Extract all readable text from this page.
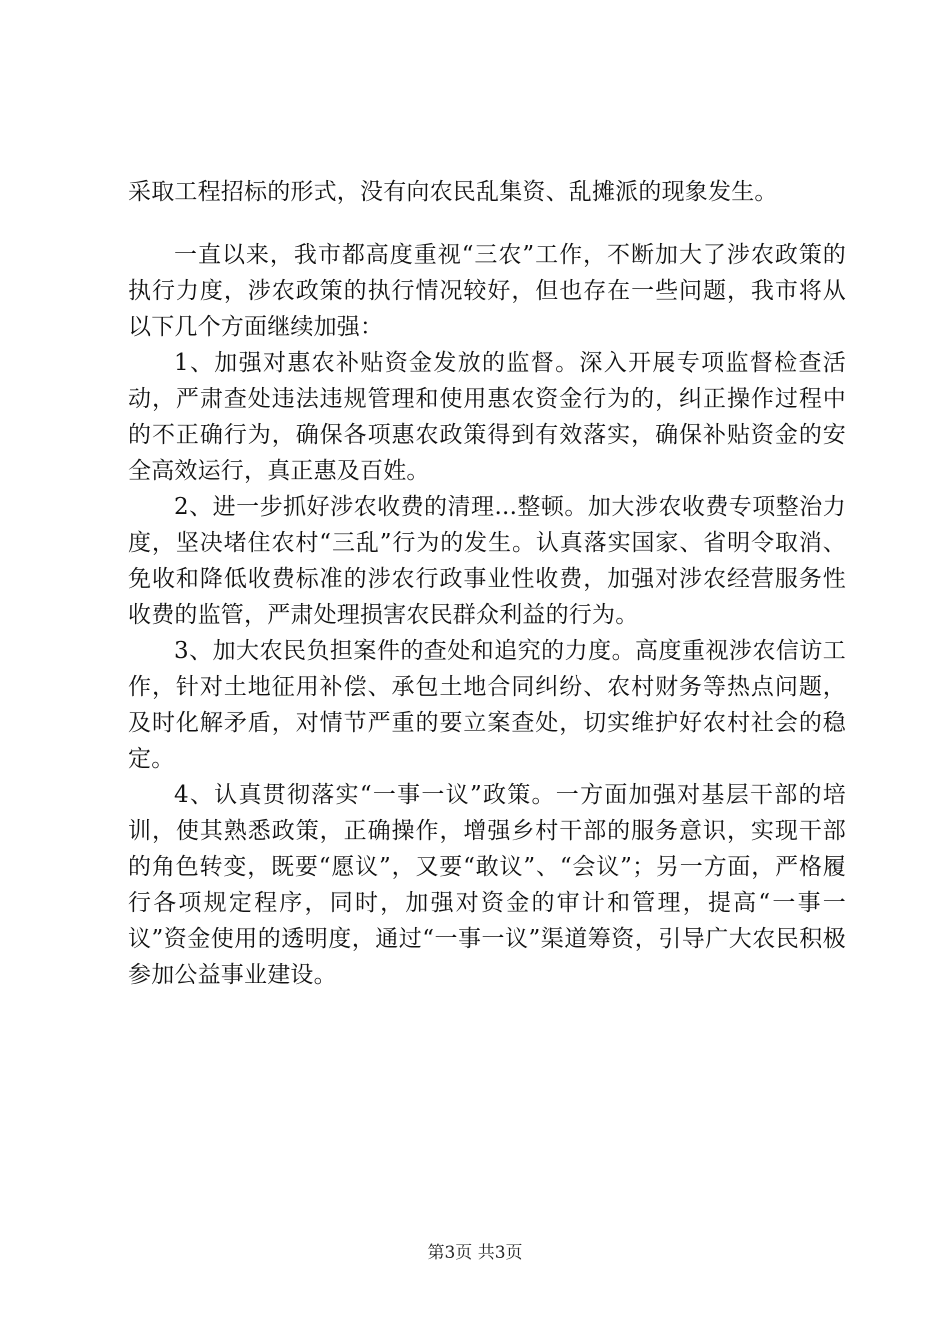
采取工程招标的形式，没有向农民乱集资、乱摊派的现象发生。

一直以来，我市都高度重视“三农”工作，不断加大了涉农政策的执行力度，涉农政策的执行情况较好，但也存在一些问题，我市将从以下几个方面继续加强：

1、加强对惠农补贴资金发放的监督。深入开展专项监督检查活动，严肃查处违法违规管理和使用惠农资金行为的，纠正操作过程中的不正确行为，确保各项惠农政策得到有效落实，确保补贴资金的安全高效运行，真正惠及百姓。

2、进一步抓好涉农收费的清理...整顿。加大涉农收费专项整治力度，坚决堵住农村“三乱”行为的发生。认真落实国家、省明令取消、免收和降低收费标准的涉农行政事业性收费，加强对涉农经营服务性收费的监管，严肃处理损害农民群众利益的行为。

3、加大农民负担案件的查处和追究的力度。高度重视涉农信访工作，针对土地征用补偿、承包土地合同纠纷、农村财务等热点问题，及时化解矛盾，对情节严重的要立案查处，切实维护好农村社会的稳定。

4、认真贯彻落实“一事一议”政策。一方面加强对基层干部的培训，使其熟悉政策，正确操作，增强乡村干部的服务意识，实现干部的角色转变，既要“愿议”，又要“敢议”、“会议”；另一方面，严格履行各项规定程序，同时，加强对资金的审计和管理，提高“一事一议”资金使用的透明度，通过“一事一议”渠道筹资，引导广大农民积极参加公益事业建设。

第3页 共3页
